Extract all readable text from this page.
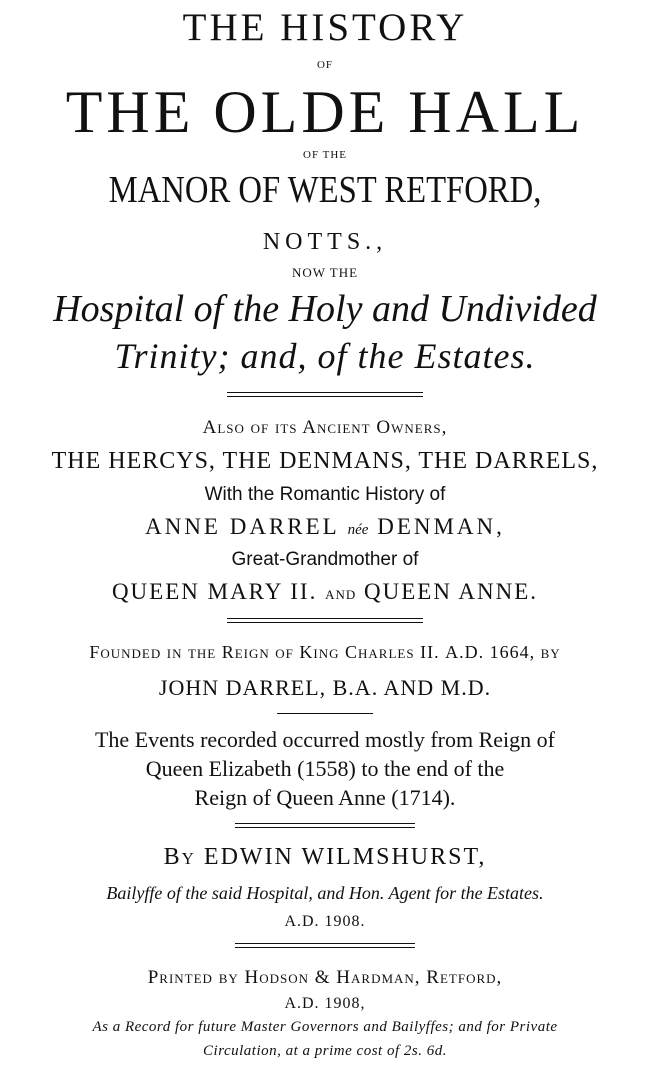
THE HISTORY
OF
THE OLDE HALL
OF THE
MANOR OF WEST RETFORD,
NOTTS.,
NOW THE
Hospital of the Holy and Undivided
Trinity; and, of the Estates.
Also of its Ancient Owners,
THE HERCYS, THE DENMANS, THE DARRELS,
With the Romantic History of
ANNE DARREL née DENMAN,
Great-Grandmother of
QUEEN MARY II. and QUEEN ANNE.
Founded in the Reign of King Charles II. A.D. 1664, by
JOHN DARREL, B.A. AND M.D.
The Events recorded occurred mostly from Reign of
Queen Elizabeth (1558) to the end of the
Reign of Queen Anne (1714).
By EDWIN WILMSHURST,
Bailyffe of the said Hospital, and Hon. Agent for the Estates.
A.D. 1908.
Printed by Hodson & Hardman, Retford,
A.D. 1908,
As a Record for future Master Governors and Bailyffes; and for Private
Circulation, at a prime cost of 2s. 6d.
